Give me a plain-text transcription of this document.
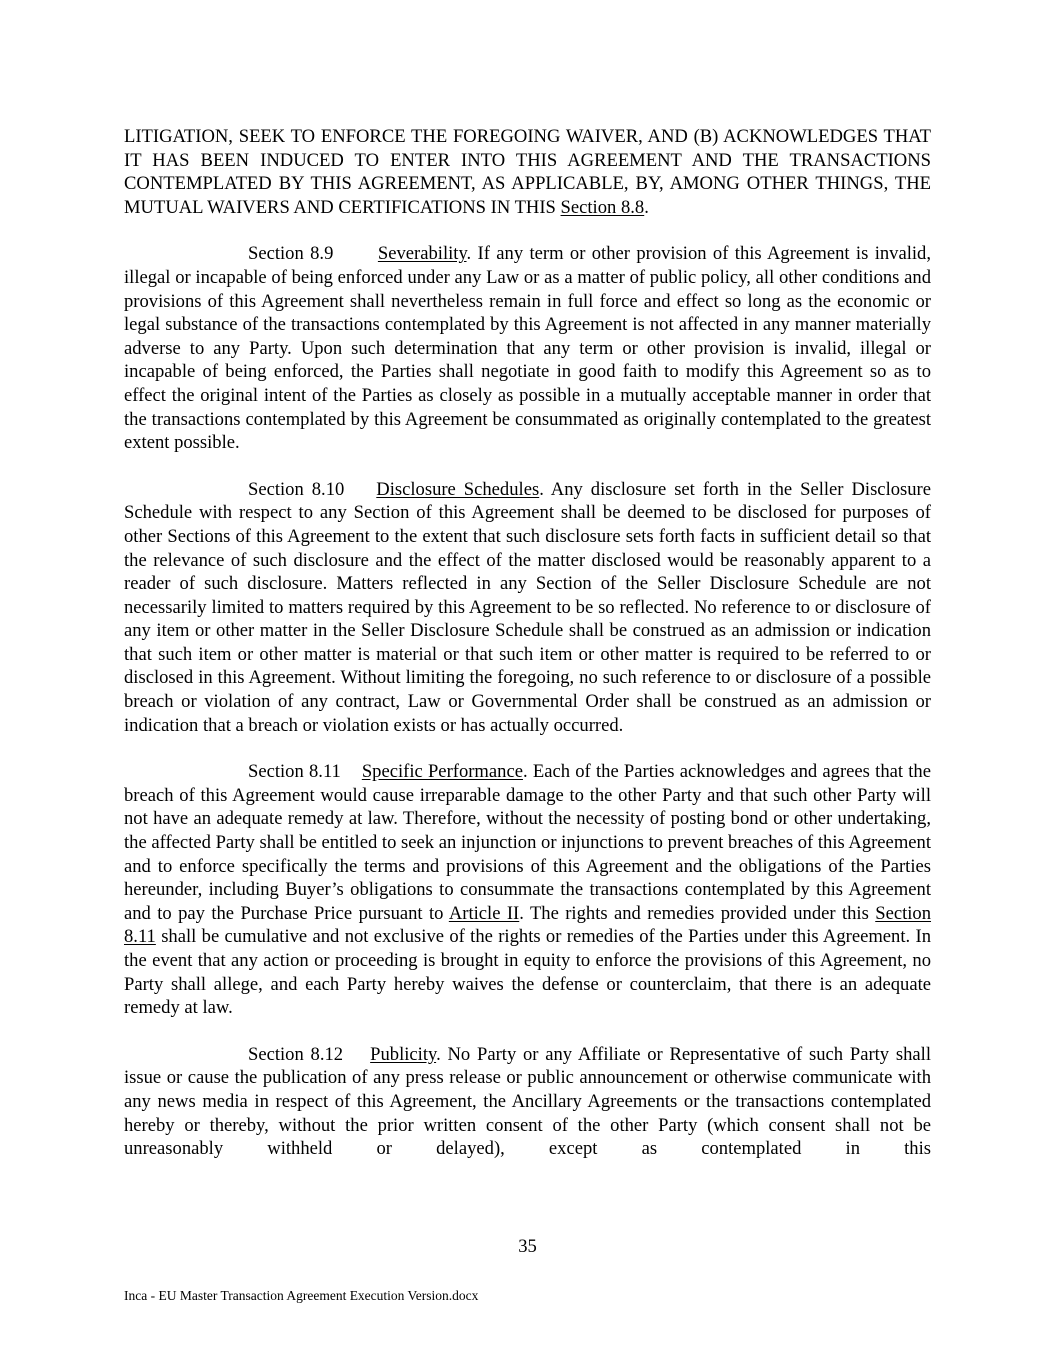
LITIGATION, SEEK TO ENFORCE THE FOREGOING WAIVER, AND (B) ACKNOWLEDGES THAT IT HAS BEEN INDUCED TO ENTER INTO THIS AGREEMENT AND THE TRANSACTIONS CONTEMPLATED BY THIS AGREEMENT, AS APPLICABLE, BY, AMONG OTHER THINGS, THE MUTUAL WAIVERS AND CERTIFICATIONS IN THIS Section 8.8.

Section 8.9 Severability. If any term or other provision of this Agreement is invalid, illegal or incapable of being enforced under any Law or as a matter of public policy, all other conditions and provisions of this Agreement shall nevertheless remain in full force and effect so long as the economic or legal substance of the transactions contemplated by this Agreement is not affected in any manner materially adverse to any Party. Upon such determination that any term or other provision is invalid, illegal or incapable of being enforced, the Parties shall negotiate in good faith to modify this Agreement so as to effect the original intent of the Parties as closely as possible in a mutually acceptable manner in order that the transactions contemplated by this Agreement be consummated as originally contemplated to the greatest extent possible.

Section 8.10 Disclosure Schedules. Any disclosure set forth in the Seller Disclosure Schedule with respect to any Section of this Agreement shall be deemed to be disclosed for purposes of other Sections of this Agreement to the extent that such disclosure sets forth facts in sufficient detail so that the relevance of such disclosure and the effect of the matter disclosed would be reasonably apparent to a reader of such disclosure. Matters reflected in any Section of the Seller Disclosure Schedule are not necessarily limited to matters required by this Agreement to be so reflected. No reference to or disclosure of any item or other matter in the Seller Disclosure Schedule shall be construed as an admission or indication that such item or other matter is material or that such item or other matter is required to be referred to or disclosed in this Agreement. Without limiting the foregoing, no such reference to or disclosure of a possible breach or violation of any contract, Law or Governmental Order shall be construed as an admission or indication that a breach or violation exists or has actually occurred.

Section 8.11 Specific Performance. Each of the Parties acknowledges and agrees that the breach of this Agreement would cause irreparable damage to the other Party and that such other Party will not have an adequate remedy at law. Therefore, without the necessity of posting bond or other undertaking, the affected Party shall be entitled to seek an injunction or injunctions to prevent breaches of this Agreement and to enforce specifically the terms and provisions of this Agreement and the obligations of the Parties hereunder, including Buyer’s obligations to consummate the transactions contemplated by this Agreement and to pay the Purchase Price pursuant to Article II. The rights and remedies provided under this Section 8.11 shall be cumulative and not exclusive of the rights or remedies of the Parties under this Agreement. In the event that any action or proceeding is brought in equity to enforce the provisions of this Agreement, no Party shall allege, and each Party hereby waives the defense or counterclaim, that there is an adequate remedy at law.

Section 8.12 Publicity. No Party or any Affiliate or Representative of such Party shall issue or cause the publication of any press release or public announcement or otherwise communicate with any news media in respect of this Agreement, the Ancillary Agreements or the transactions contemplated hereby or thereby, without the prior written consent of the other Party (which consent shall not be unreasonably withheld or delayed), except as contemplated in this

35
Inca - EU Master Transaction Agreement Execution Version.docx
